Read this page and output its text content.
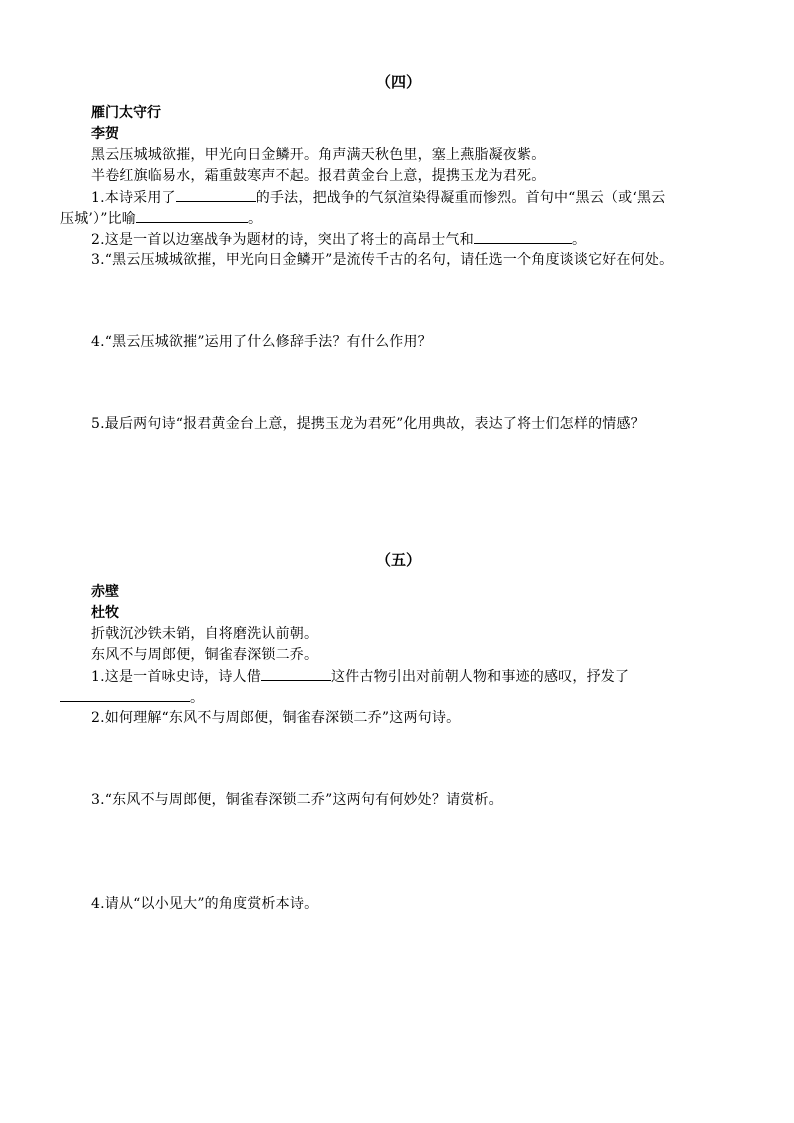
（四）
雁门太守行
李贺
黑云压城城欲摧，甲光向日金鳞开。角声满天秋色里，塞上燕脂凝夜紫。
半卷红旗临易水，霜重鼓寒声不起。报君黄金台上意，提携玉龙为君死。
1.本诗采用了	的手法，把战争的气氛渲染得凝重而惨烈。首句中“黑云（或‘黑云
压城’）”比喻	。
2.这是一首以边塞战争为题材的诗，突出了将士的高昂士气和	。
3.“黑云压城城欲摧，甲光向日金鳞开”是流传千古的名句，请任选一个角度谈谈它好在何处。
4.“黑云压城欲摧”运用了什么修辞手法？有什么作用？
5.最后两句诗“报君黄金台上意，提携玉龙为君死”化用典故，表达了将士们怎样的情感？
（五）
赤壁
杜牧
折戟沉沙铁未销，自将磨洗认前朝。
东风不与周郎便，铜雀春深锁二乔。
1.这是一首咏史诗，诗人借	这件古物引出对前朝人物和事迹的感叹，抒发了
。
2.如何理解“东风不与周郎便，铜雀春深锁二乔”这两句诗。
3.“东风不与周郎便，铜雀春深锁二乔”这两句有何妙处？请赏析。
4.请从“以小见大”的角度赏析本诗。
